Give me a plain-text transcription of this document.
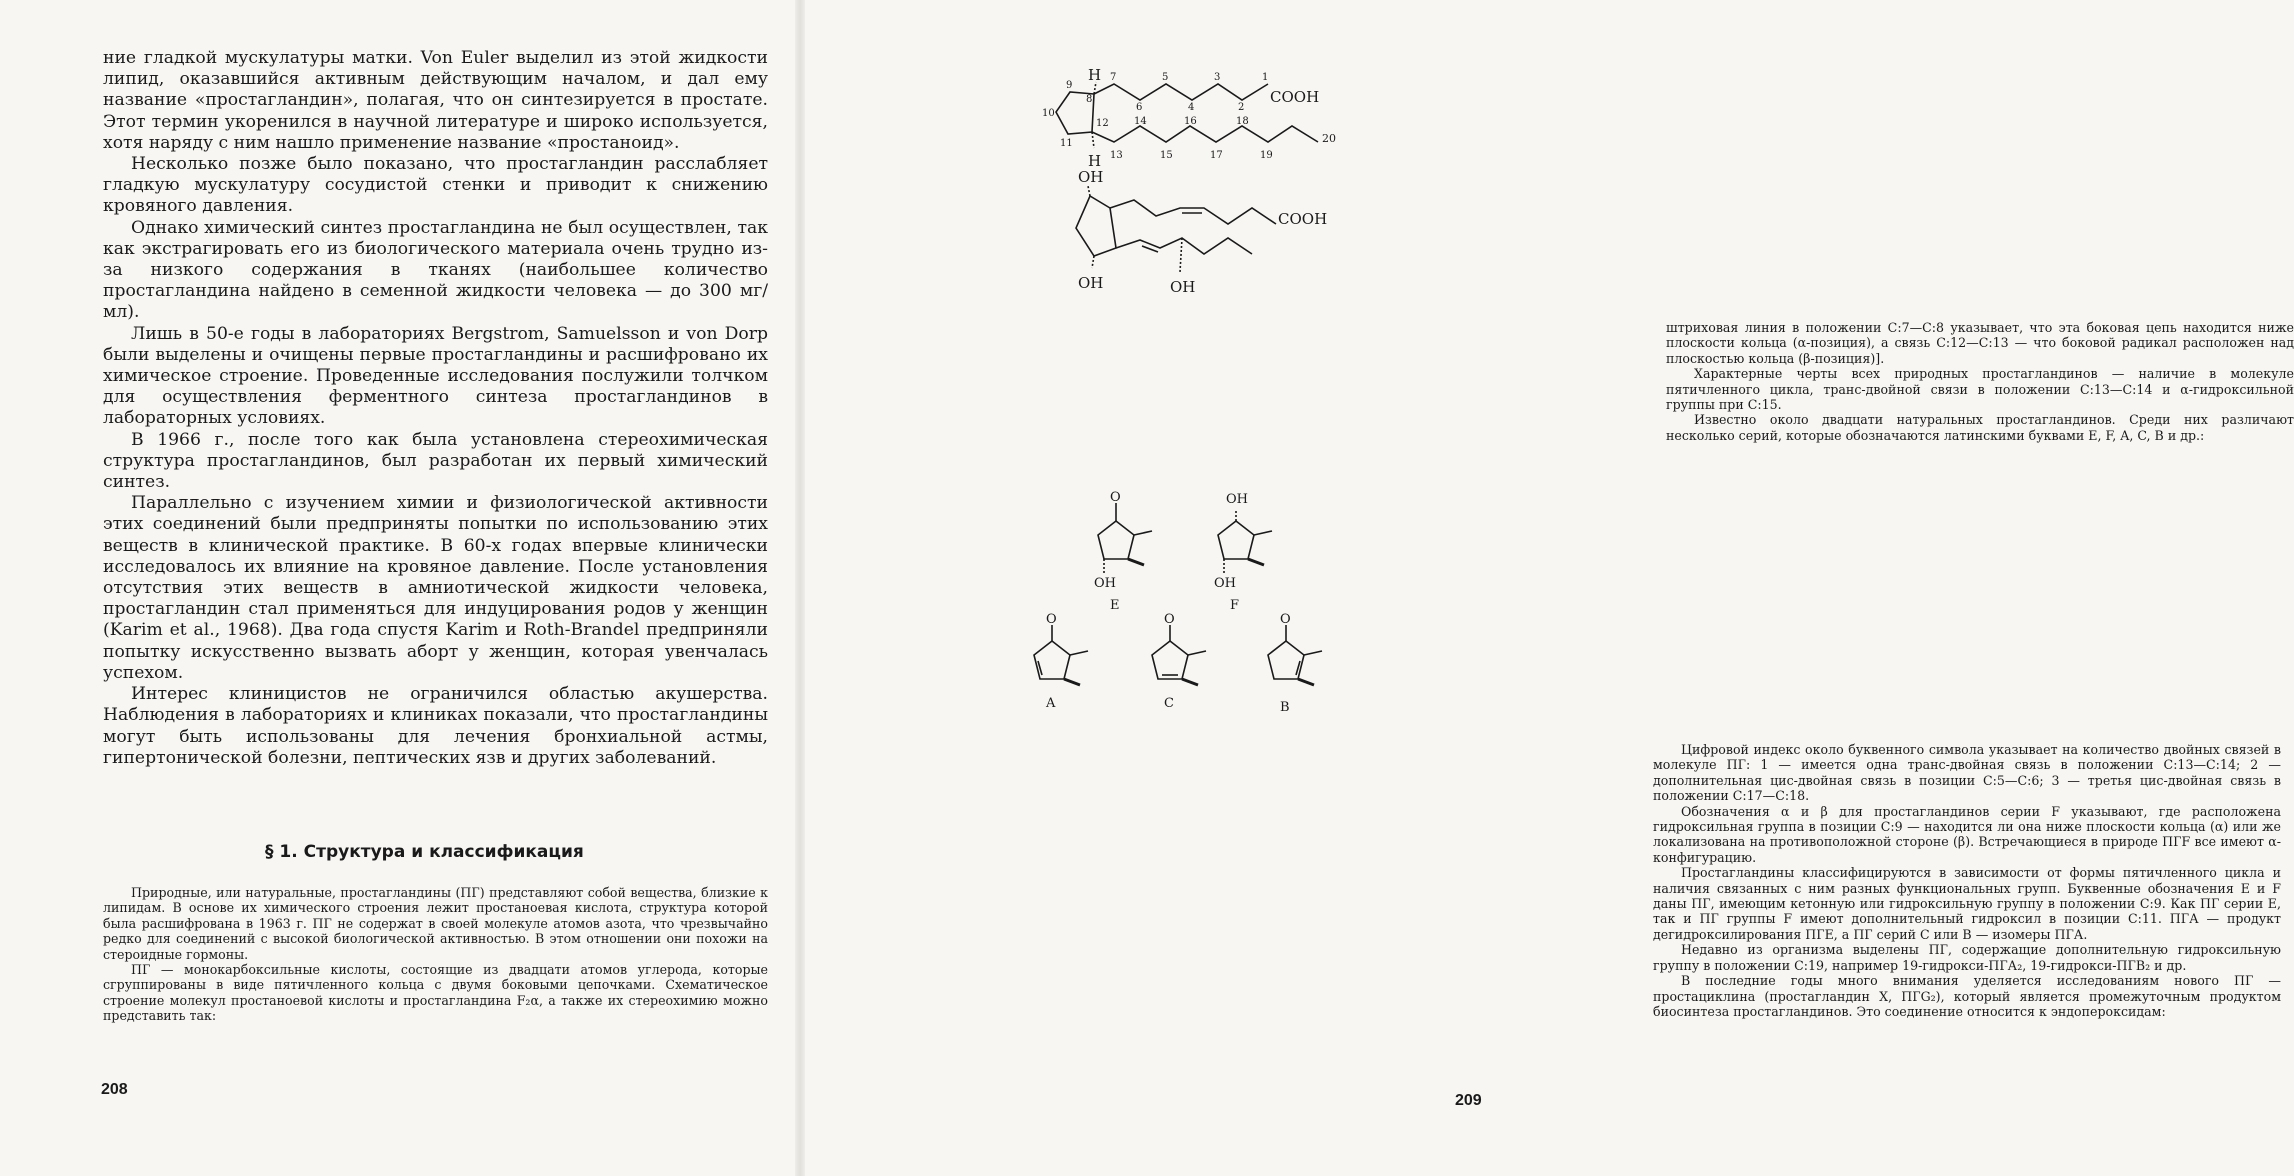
ние гладкой мускулатуры матки. Von Euler выделил из этой жидкости липид, оказавшийся активным действующим началом, и дал ему название «простагландин», полагая, что он синтезируется в простате. Этот термин укоренился в научной литературе и широко используется, хотя наряду с ним нашло применение название «простаноид».

Несколько позже было показано, что простагландин расслабляет гладкую мускулатуру сосудистой стенки и приводит к снижению кровяного давления.

Однако химический синтез простагландина не был осуществлен, так как экстрагировать его из биологического материала очень трудно из-за низкого содержания в тканях (наибольшее количество простагландина найдено в семенной жидкости человека — до 300 мг/мл).

Лишь в 50-е годы в лабораториях Bergstrom, Samuelsson и von Dorp были выделены и очищены первые простагландины и расшифровано их химическое строение. Проведенные исследования послужили толчком для осуществления ферментного синтеза простагландинов в лабораторных условиях.

В 1966 г., после того как была установлена стереохимическая структура простагландинов, был разработан их первый химический синтез.

Параллельно с изучением химии и физиологической активности этих соединений были предприняты попытки по использованию этих веществ в клинической практике. В 60-х годах впервые клинически исследовалось их влияние на кровяное давление. После установления отсутствия этих веществ в амниотической жидкости человека, простагландин стал применяться для индуцирования родов у женщин (Karim et al., 1968). Два года спустя Karim и Roth-Brandel предприняли попытку искусственно вызвать аборт у женщин, которая увенчалась успехом.

Интерес клиницистов не ограничился областью акушерства. Наблюдения в лабораториях и клиниках показали, что простагландины могут быть использованы для лечения бронхиальной астмы, гипертонической болезни, пептических язв и других заболеваний.

§ 1. Структура и классификация

Природные, или натуральные, простагландины (ПГ) представляют собой вещества, близкие к липидам. В основе их химического строения лежит простаноевая кислота, структура которой была расшифрована в 1963 г. ПГ не содержат в своей молекуле атомов азота, что чрезвычайно редко для соединений с высокой биологической активностью. В этом отношении они похожи на стероидные гормоны.

ПГ — монокарбоксильные кислоты, состоящие из двадцати атомов углерода, которые сгруппированы в виде пятичленного кольца с двумя боковыми цепочками. Схематическое строение молекул простаноевой кислоты и простагландина F₂α, а также их стереохимию можно представить так:

208
H
H
9
8
10
12
11
7
6
5
4
3
2
1
COOH
13
14
15
16
17
18
19
20
OH
COOH
OH	OH

штриховая линия в положении С:7—С:8 указывает, что эта боковая цепь находится ниже плоскости кольца (α-позиция), а связь С:12—С:13 — что боковой радикал расположен над плоскостью кольца (β-позиция)].

Характерные черты всех природных простагландинов — наличие в молекуле пятичленного цикла, транс-двойной связи в положении С:13—С:14 и α-гидроксильной группы при С:15.

Известно около двадцати натуральных простагландинов. Среди них различают несколько серий, которые обозначаются латинскими буквами E, F, A, C, B и др.:

O
OH
E
OH
OH
F
O
A
O
C
O
B

Цифровой индекс около буквенного символа указывает на количество двойных связей в молекуле ПГ: 1 — имеется одна транс-двойная связь в положении С:13—С:14; 2 — дополнительная цис-двойная связь в позиции С:5—С:6; 3 — третья цис-двойная связь в положении С:17—С:18.

Обозначения α и β для простагландинов серии F указывают, где расположена гидроксильная группа в позиции С:9 — находится ли она ниже плоскости кольца (α) или же локализована на противоположной стороне (β). Встречающиеся в природе ПГF все имеют α-конфигурацию.

Простагландины классифицируются в зависимости от формы пятичленного цикла и наличия связанных с ним разных функциональных групп. Буквенные обозначения E и F даны ПГ, имеющим кетонную или гидроксильную группу в положении С:9. Как ПГ серии E, так и ПГ группы F имеют дополнительный гидроксил в позиции С:11. ПГА — продукт дегидроксилирования ПГЕ, а ПГ серий С или В — изомеры ПГА.

Недавно из организма выделены ПГ, содержащие дополнительную гидроксильную группу в положении С:19, например 19-гидрокси-ПГА₂, 19-гидрокси-ПГВ₂ и др.

В последние годы много внимания уделяется исследованиям нового ПГ — простациклина (простагландин Х, ПГG₂), который является промежуточным продуктом биосинтеза простагландинов. Это соединение относится к эндопероксидам:

209
